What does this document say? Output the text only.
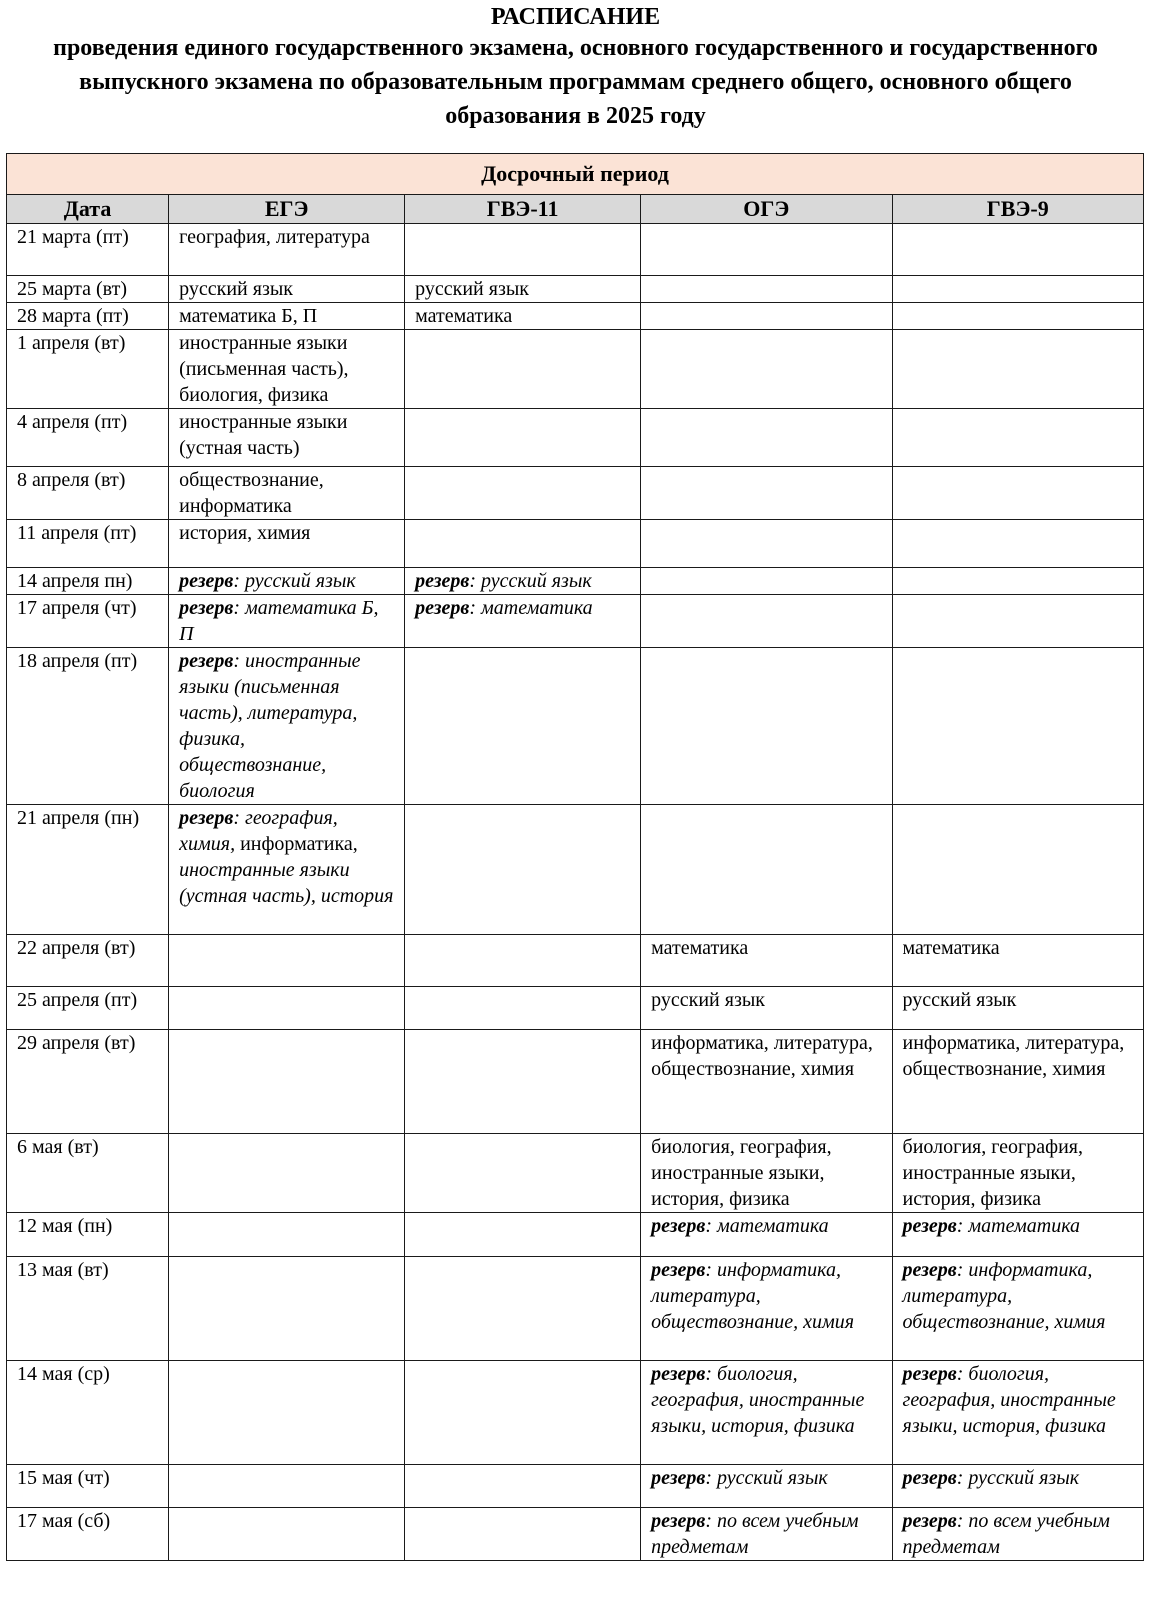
РАСПИСАНИЕ
проведения единого государственного экзамена, основного государственного и государственного выпускного экзамена по образовательным программам среднего общего, основного общего образования в 2025 году
Досрочный период				
Дата	ЕГЭ	ГВЭ-11	ОГЭ	ГВЭ-9
21 марта (пт)	география, литература			
25 марта (вт)	русский язык	русский язык		
28 марта (пт)	математика Б, П	математика		
1 апреля (вт)	иностранные языки (письменная часть), биология, физика			
4 апреля (пт)	иностранные языки (устная часть)			
8 апреля (вт)	обществознание, информатика			
11 апреля (пт)	история, химия			
14 апреля пн)	резерв: русский язык	резерв: русский язык		
17 апреля (чт)	резерв: математика Б, П	резерв: математика		
18 апреля (пт)	резерв: иностранные языки (письменная часть), литература, физика, обществознание, биология			
21 апреля (пн)	резерв: география, химия, информатика, иностранные языки (устная часть), история			
22 апреля (вт)			математика	математика
25 апреля (пт)			русский язык	русский язык
29 апреля (вт)			информатика, литература, обществознание, химия	информатика, литература, обществознание, химия
6 мая (вт)			биология, география, иностранные языки, история, физика	биология, география, иностранные языки, история, физика
12 мая (пн)			резерв: математика	резерв: математика
13 мая (вт)			резерв: информатика, литература, обществознание, химия	резерв: информатика, литература, обществознание, химия
14 мая (ср)			резерв: биология, география, иностранные языки, история, физика	резерв: биология, география, иностранные языки, история, физика
15 мая (чт)			резерв: русский язык	резерв: русский язык
17 мая (сб)			резерв: по всем учебным предметам	резерв: по всем учебным предметам
